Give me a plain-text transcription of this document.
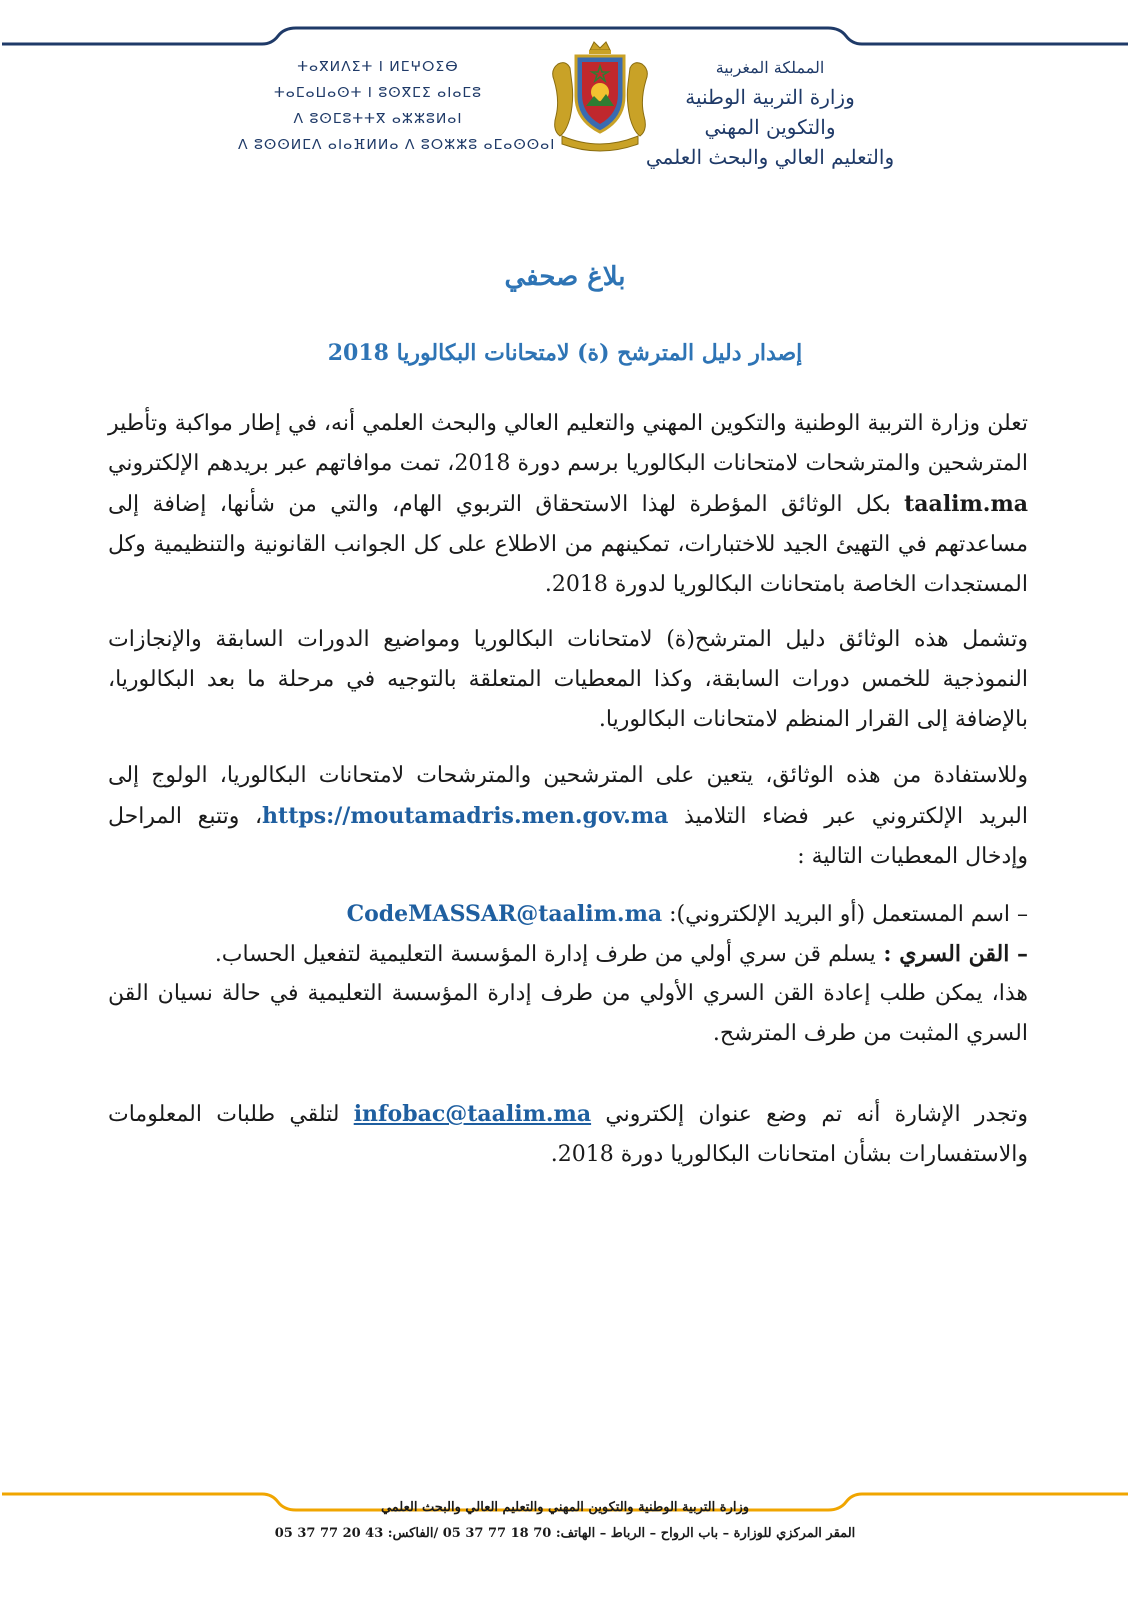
ⵜⴰⴳⵍⴷⵉⵜ ⵏ ⵍⵎⵖⵔⵉⴱ
ⵜⴰⵎⴰⵡⴰⵙⵜ ⵏ ⵓⵙⴳⵎⵉ ⴰⵏⴰⵎⵓ
ⴷ ⵓⵙⵎⵓⵜⵜⴳ ⴰⵣⵣⵓⵍⴰⵏ
ⴷ ⵓⵙⵙⵍⵎⴷ ⴰⵏⴰⴼⵍⵍⴰ ⴷ ⵓⵔⵣⵣⵓ ⴰⵎⴰⵙⵙⴰⵏ
المملكة المغربية
وزارة التربية الوطنية
والتكوين المهني
والتعليم العالي والبحث العلمي
بلاغ صحفي
إصدار دليل المترشح (ة) لامتحانات البكالوريا 2018
تعلن وزارة التربية الوطنية والتكوين المهني والتعليم العالي والبحث العلمي أنه، في إطار مواكبة وتأطير المترشحين والمترشحات لامتحانات البكالوريا برسم دورة 2018، تمت موافاتهم عبر بريدهم الإلكتروني taalim.ma بكل الوثائق المؤطرة لهذا الاستحقاق التربوي الهام، والتي من شأنها، إضافة إلى مساعدتهم في التهيئ الجيد للاختبارات، تمكينهم من الاطلاع على كل الجوانب القانونية والتنظيمية وكل المستجدات الخاصة بامتحانات البكالوريا لدورة 2018.
وتشمل هذه الوثائق دليل المترشح(ة) لامتحانات البكالوريا ومواضيع الدورات السابقة والإنجازات النموذجية للخمس دورات السابقة، وكذا المعطيات المتعلقة بالتوجيه في مرحلة ما بعد البكالوريا، بالإضافة إلى القرار المنظم لامتحانات البكالوريا.
وللاستفادة من هذه الوثائق، يتعين على المترشحين والمترشحات لامتحانات البكالوريا، الولوج إلى البريد الإلكتروني عبر فضاء التلاميذ https://moutamadris.men.gov.ma، وتتبع المراحل وإدخال المعطيات التالية :
– اسم المستعمل (أو البريد الإلكتروني): CodeMASSAR@taalim.ma
– القن السري : يسلم قن سري أولي من طرف إدارة المؤسسة التعليمية لتفعيل الحساب.
هذا، يمكن طلب إعادة القن السري الأولي من طرف إدارة المؤسسة التعليمية في حالة نسيان القن السري المثبت من طرف المترشح.
وتجدر الإشارة أنه تم وضع عنوان إلكتروني infobac@taalim.ma لتلقي طلبات المعلومات والاستفسارات بشأن امتحانات البكالوريا دورة 2018.
وزارة التربية الوطنية والتكوين المهني والتعليم العالي والبحث العلمي
المقر المركزي للوزارة – باب الرواح – الرباط – الهاتف: 05 37 77 18 70 /الفاكس: 05 37 77 20 43
